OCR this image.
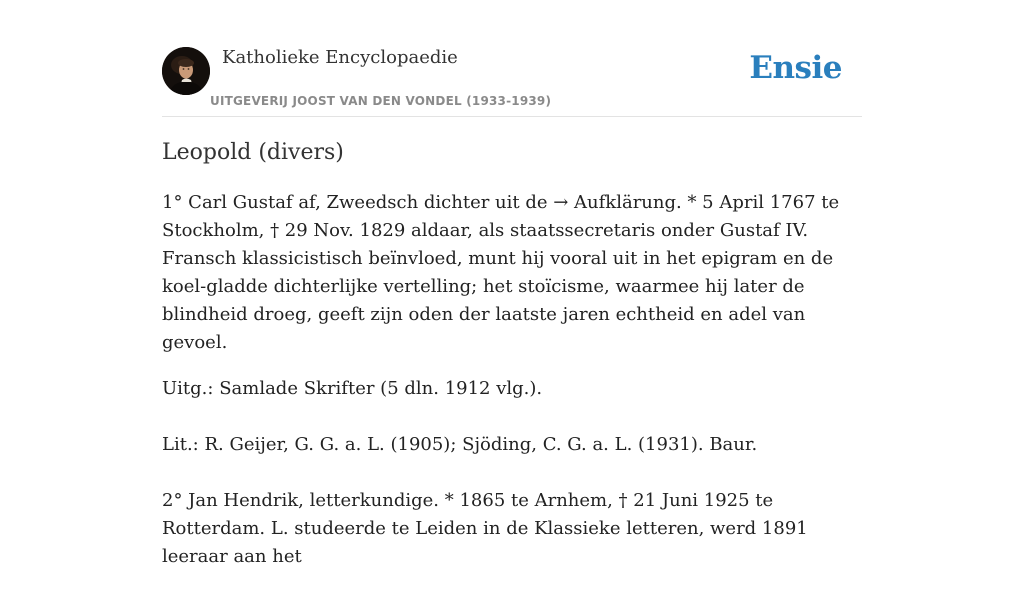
Katholieke Encyclopaedie
UITGEVERIJ JOOST VAN DEN VONDEL (1933-1939)
Ensie
Leopold (divers)

1° Carl Gustaf af, Zweedsch dichter uit de → Aufklärung. * 5 April 1767 te Stockholm, † 29 Nov. 1829 aldaar, als staatssecretaris onder Gustaf IV. Fransch klassicistisch beïnvloed, munt hij vooral uit in het epigram en de koel-gladde dichterlijke vertelling; het stoïcisme, waarmee hij later de blindheid droeg, geeft zijn oden der laatste jaren echtheid en adel van gevoel.

Uitg.: Samlade Skrifter (5 dln. 1912 vlg.).

Lit.: R. Geijer, G. G. a. L. (1905); Sjöding, C. G. a. L. (1931). Baur.

2° Jan Hendrik, letterkundige. * 1865 te Arnhem, † 21 Juni 1925 te Rotterdam. L. studeerde te Leiden in de Klassieke letteren, werd 1891 leeraar aan het
